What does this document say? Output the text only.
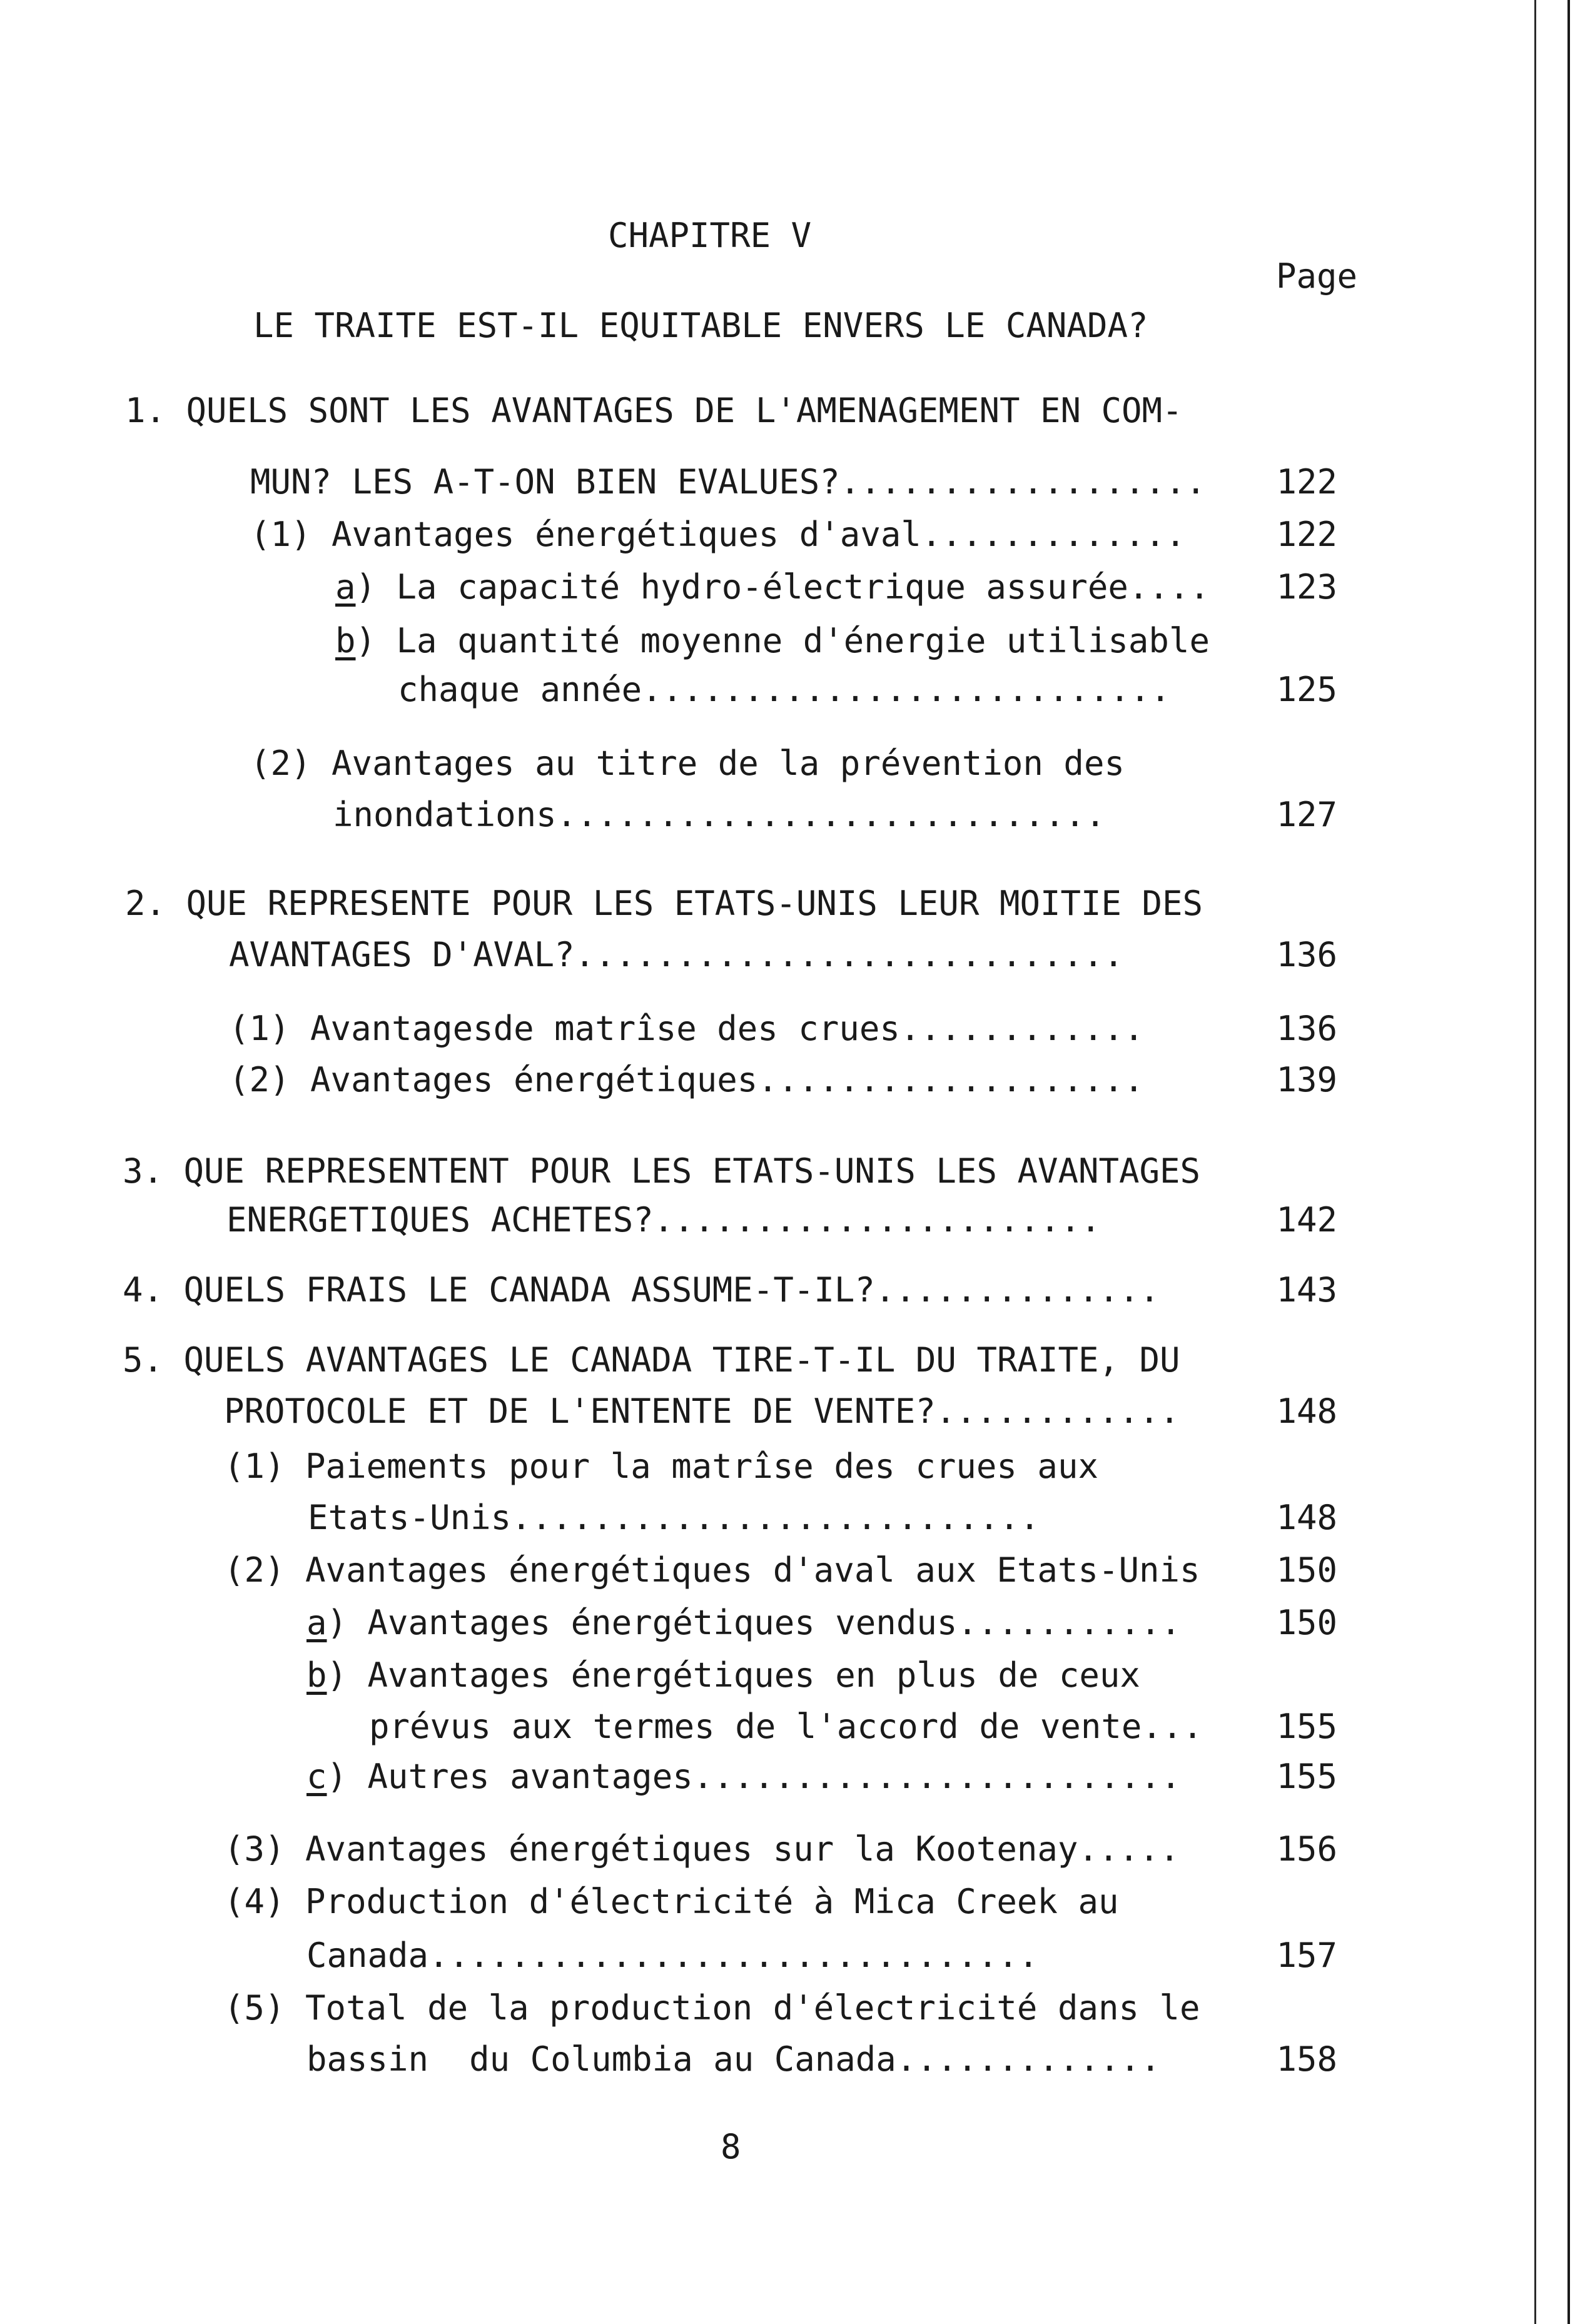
CHAPITRE V
Page
LE TRAITE EST-IL EQUITABLE ENVERS LE CANADA?
1. QUELS SONT LES AVANTAGES DE L'AMENAGEMENT EN COM-
MUN? LES A-T-ON BIEN EVALUES?.................. 122
(1) Avantages énergétiques d'aval.............	122
a) La capacité hydro-électrique assurée.... 123
b) La quantité moyenne d'énergie utilisable
chaque année..........................	125
(2) Avantages au titre de la prévention des
inondations...........................	127
2. QUE REPRESENTE POUR LES ETATS-UNIS LEUR MOITIE DES
AVANTAGES D'AVAL?...........................	136
(1) Avantagesde matrîse des crues............	136
(2) Avantages énergétiques...................	139
3. QUE REPRESENTENT POUR LES ETATS-UNIS LES AVANTAGES
ENERGETIQUES ACHETES?......................	142
4. QUELS FRAIS LE CANADA ASSUME-T-IL?..............	143
5. QUELS AVANTAGES LE CANADA TIRE-T-IL DU TRAITE, DU
PROTOCOLE ET DE L'ENTENTE DE VENTE?............	148
(1) Paiements pour la matrîse des crues aux
Etats-Unis..........................	148
(2) Avantages énergétiques d'aval aux Etats-Unis 150
a) Avantages énergétiques vendus...........	150
b) Avantages énergétiques en plus de ceux
prévus aux termes de l'accord de vente... 155
c) Autres avantages........................	155
(3) Avantages énergétiques sur la Kootenay.....	156
(4) Production d'électricité à Mica Creek au
Canada..............................	157
(5) Total de la production d'électricité dans le
bassin  du Columbia au Canada.............	158
8
